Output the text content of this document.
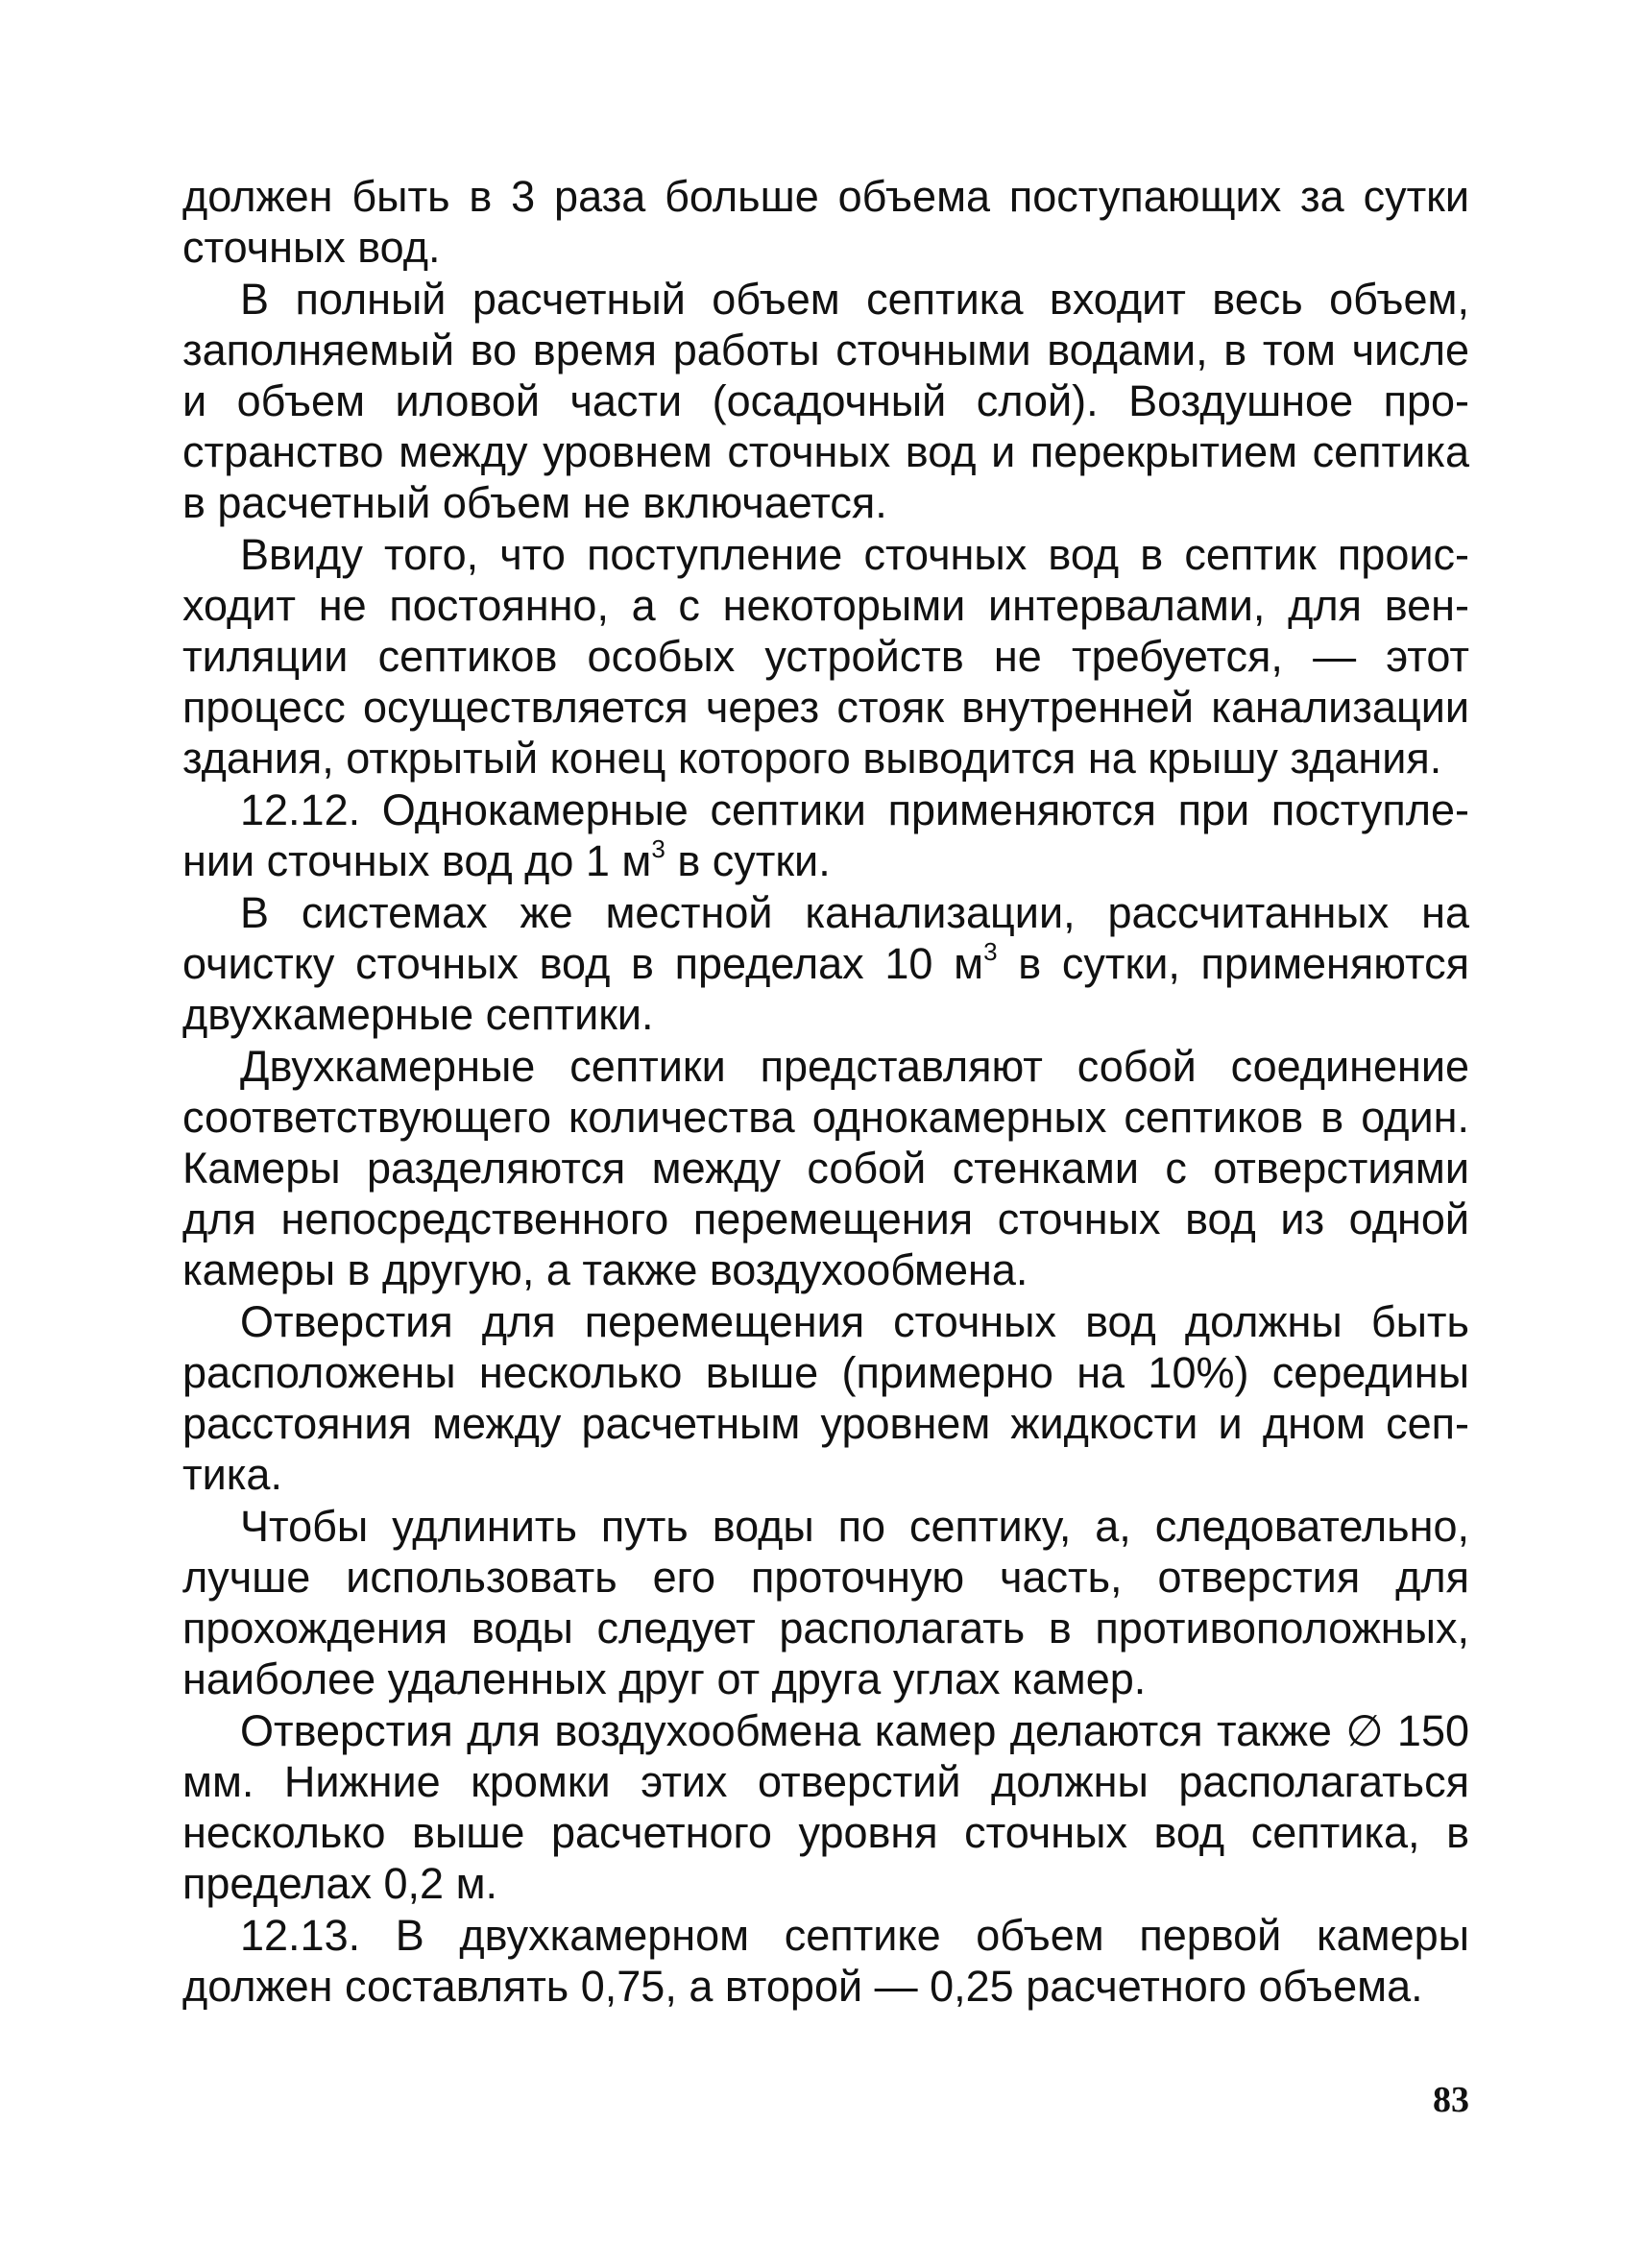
должен быть в 3 раза больше объема поступающих за сутки сточных вод.

В полный расчетный объем септика входит весь объем, заполняемый во время работы сточными водами, в том числе и объем иловой части (осадочный слой). Воздушное пространство между уровнем сточных вод и перекрытием септика в расчетный объем не включается.

Ввиду того, что поступление сточных вод в септик происходит не постоянно, а с некоторыми интервалами, для вентиляции септиков особых устройств не требуется, — этот процесс осуществляется через стояк внутренней канализации здания, открытый конец которого выводится на крышу здания.

12.12. Однокамерные септики применяются при поступлении сточных вод до 1 $м^3$ в сутки.

В системах же местной канализации, рассчитанных на очистку сточных вод в пределах 10 $м^3$ в сутки, применяются двухкамерные септики.

Двухкамерные септики представляют собой соединение соответствующего количества однокамерных септиков в один. Камеры разделяются между собой стенками с отверстиями для непосредственного перемещения сточных вод из одной камеры в другую, а также воздухообмена.

Отверстия для перемещения сточных вод должны быть расположены несколько выше (примерно на 10%) середины расстояния между расчетным уровнем жидкости и дном септика.

Чтобы удлинить путь воды по септику, а, следовательно, лучше использовать его проточную часть, отверстия для прохождения воды следует располагать в противоположных, наиболее удаленных друг от друга углах камер.

Отверстия для воздухообмена камер делаются также ∅ 150 мм. Нижние кромки этих отверстий должны располагаться несколько выше расчетного уровня сточных вод септика, в пределах 0,2 м.

12.13. В двухкамерном септике объем первой камеры должен составлять 0,75, а второй — 0,25 расчетного объема.

83
